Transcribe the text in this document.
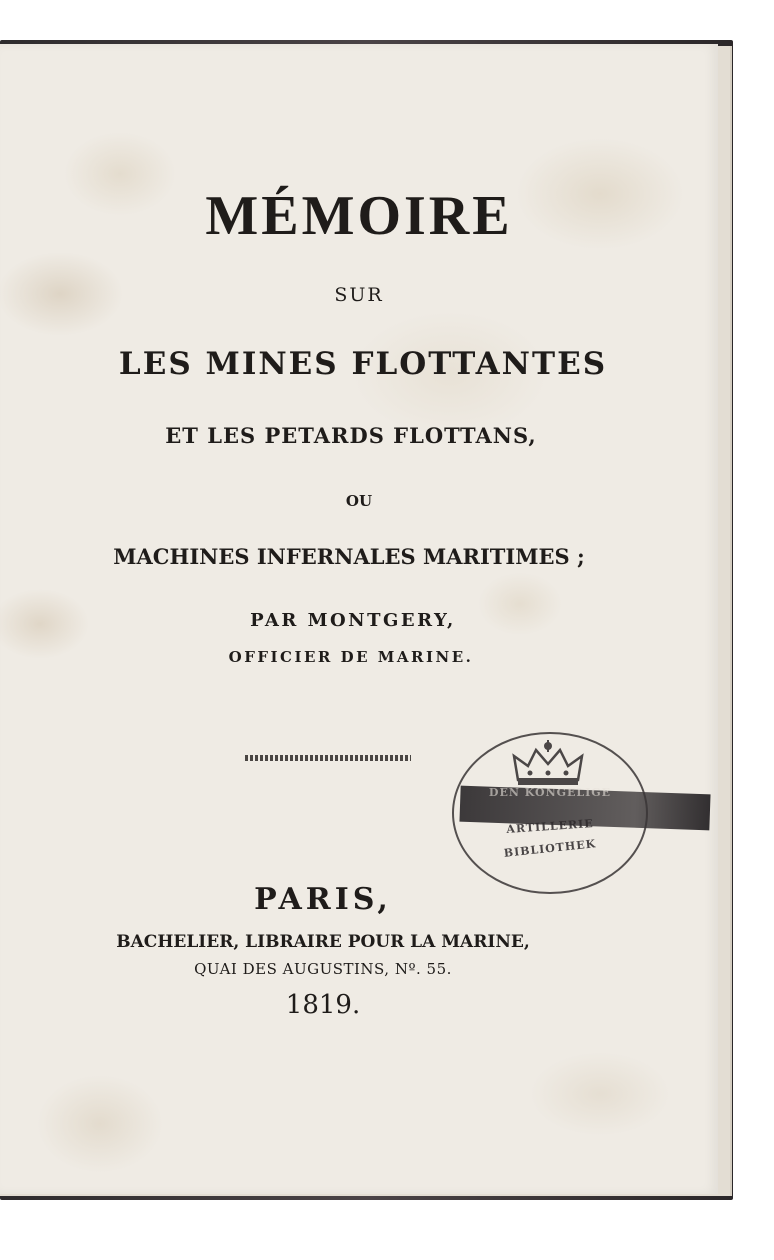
MÉMOIRE
SUR
LES MINES FLOTTANTES
ET LES PETARDS FLOTTANS,
OU
MACHINES INFERNALES MARITIMES ;
PAR MONTGERY,
OFFICIER DE MARINE.
PARIS,
BACHELIER, LIBRAIRE POUR LA MARINE,
QUAI DES AUGUSTINS, Nº. 55.
1819.
DEN KONGELIGE
ARTILLERIE
BIBLIOTHEK
